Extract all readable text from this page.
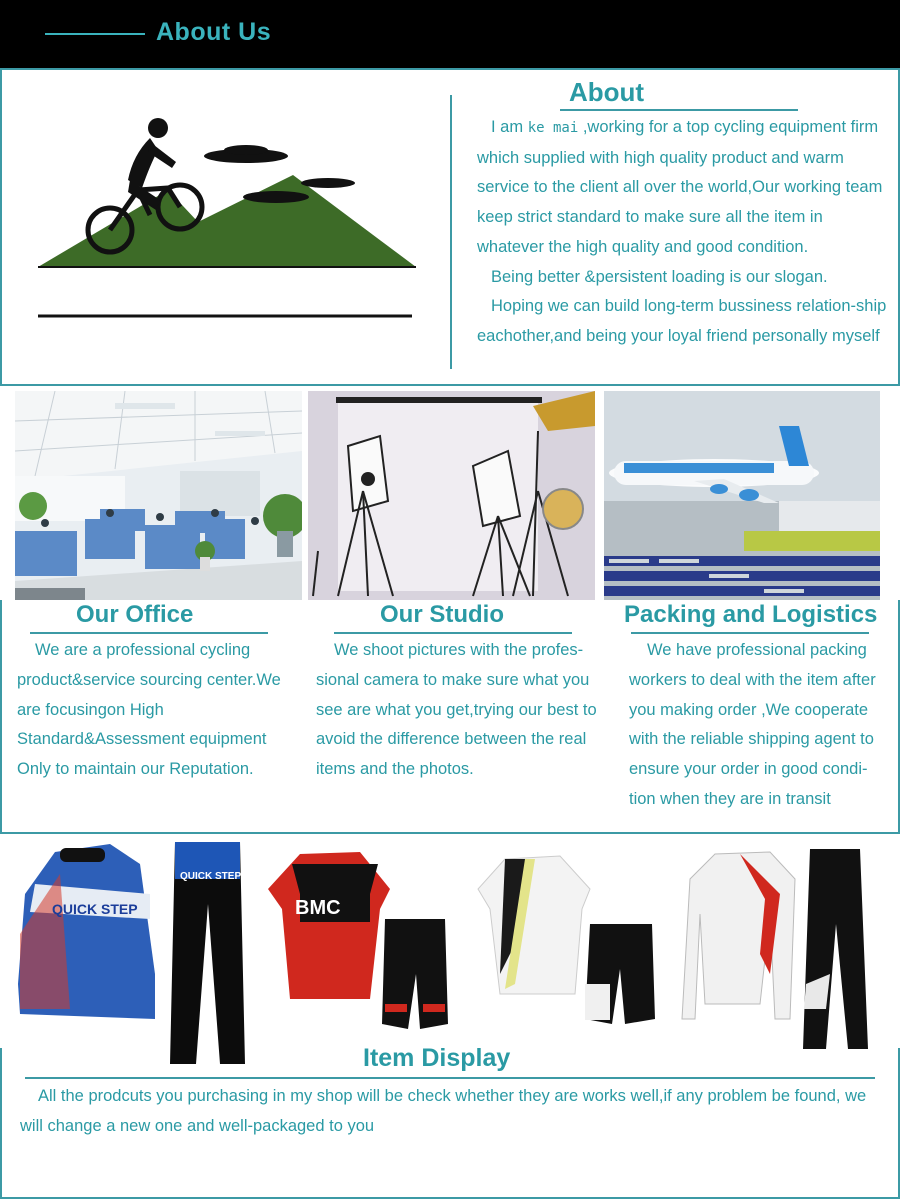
About Us
About

I am ke mai ,working for a top cycling equipment firm which supplied with high quality product and warm service to the client all over the world,Our working team keep strict standard to make sure all the item in whatever the high quality and good condition.

Being better &persistent loading is our slogan.

Hoping we can build long-term bussiness relation-ship eachother,and being your loyal friend personally myself

Our Office

We are a professional cycling product&service sourcing center.We are focusingon High Standard&Assessment equipment Only to maintain our Reputation.

Our Studio

We shoot pictures with the profes-sional camera to make sure what you see are what you get,trying our best to avoid the difference between the real items and the photos.

Packing and Logistics

We have professional packing workers to deal with the item after you making order ,We cooperate with the reliable shipping agent to ensure your order in good condi-tion when they are in transit

QUICK STEP
QUICK STEP
BMC
Item Display

All the prodcuts you purchasing in my shop will be check whether they are works well,if any problem be found, we will change a new one and well-packaged to you
